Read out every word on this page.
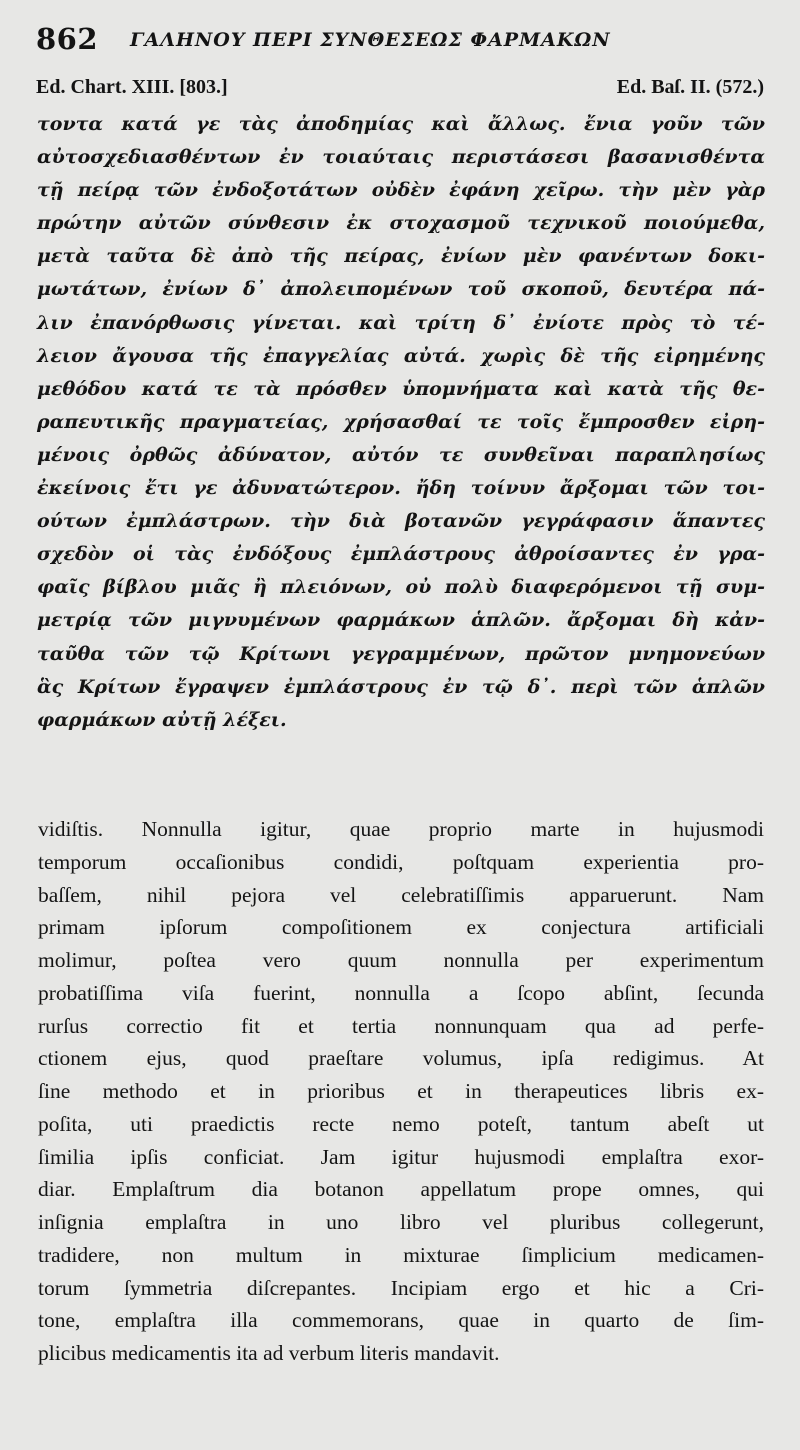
862 ΓΑΛΗΝΟΥ ΠΕΡΙ ΣΥΝΘΕΣΕΩΣ ΦΑΡΜΑΚΩΝ
Ed. Chart. XIII. [803.]	Ed. Baſ. II. (572.)
τοντα κατά γε τὰς ἀποδημίας καὶ ἄλλως. ἔνια γοῦν τῶν
αὐτοσχεδιασθέντων ἐν τοιαύταις περιστάσεσι βασανισθέντα
τῇ πείρᾳ τῶν ἐνδοξοτάτων οὐδὲν ἐφάνη χεῖρω. τὴν μὲν γὰρ
πρώτην αὐτῶν σύνθεσιν ἐκ στοχασμοῦ τεχνικοῦ ποιούμεθα,
μετὰ ταῦτα δὲ ἀπὸ τῆς πείρας, ἐνίων μὲν φανέντων δοκι-
μωτάτων, ἐνίων δ᾽ ἀπολειπομένων τοῦ σκοποῦ, δευτέρα πά-
λιν ἐπανόρθωσις γίνεται. καὶ τρίτη δ᾽ ἐνίοτε πρὸς τὸ τέ-
λειον ἄγουσα τῆς ἐπαγγελίας αὐτά. χωρὶς δὲ τῆς εἰρημένης
μεθόδου κατά τε τὰ πρόσθεν ὑπομνήματα καὶ κατὰ τῆς θε-
ραπευτικῆς πραγματείας, χρήσασθαί τε τοῖς ἔμπροσθεν εἰρη-
μένοις ὀρθῶς ἀδύνατον, αὐτόν τε συνθεῖναι παραπλησίως
ἐκείνοις ἔτι γε ἀδυνατώτερον. ἤδη τοίνυν ἄρξομαι τῶν τοι-
ούτων ἐμπλάστρων. τὴν διὰ βοτανῶν γεγράφασιν ἅπαντες
σχεδὸν οἱ τὰς ἐνδόξους ἐμπλάστρους ἀθροίσαντες ἐν γρα-
φαῖς βίβλου μιᾶς ἢ πλειόνων, οὐ πολὺ διαφερόμενοι τῇ συμ-
μετρίᾳ τῶν μιγνυμένων φαρμάκων ἁπλῶν. ἄρξομαι δὴ κἀν-
ταῦθα τῶν τῷ Κρίτωνι γεγραμμένων, πρῶτον μνημονεύων
ἃς Κρίτων ἔγραψεν ἐμπλάστρους ἐν τῷ δ᾽. περὶ τῶν ἁπλῶν
φαρμάκων αὐτῇ λέξει.
vidiſtis. Nonnulla igitur, quae proprio marte in hujusmodi
temporum occaſionibus condidi, poſtquam experientia pro-
baſſem, nihil pejora vel celebratiſſimis apparuerunt. Nam
primam ipſorum compoſitionem ex conjectura artificiali
molimur, poſtea vero quum nonnulla per experimentum
probatiſſima viſa fuerint, nonnulla a ſcopo abſint, ſecunda
rurſus correctio fit et tertia nonnunquam qua ad perfe-
ctionem ejus, quod praeſtare volumus, ipſa redigimus. At
ſine methodo et in prioribus et in therapeutices libris ex-
poſita, uti praedictis recte nemo poteſt, tantum abeſt ut
ſimilia ipſis conficiat. Jam igitur hujusmodi emplaſtra exor-
diar. Emplaſtrum dia botanon appellatum prope omnes, qui
inſignia emplaſtra in uno libro vel pluribus collegerunt,
tradidere, non multum in mixturae ſimplicium medicamen-
torum ſymmetria diſcrepantes. Incipiam ergo et hic a Cri-
tone, emplaſtra illa commemorans, quae in quarto de ſim-
plicibus medicamentis ita ad verbum literis mandavit.
